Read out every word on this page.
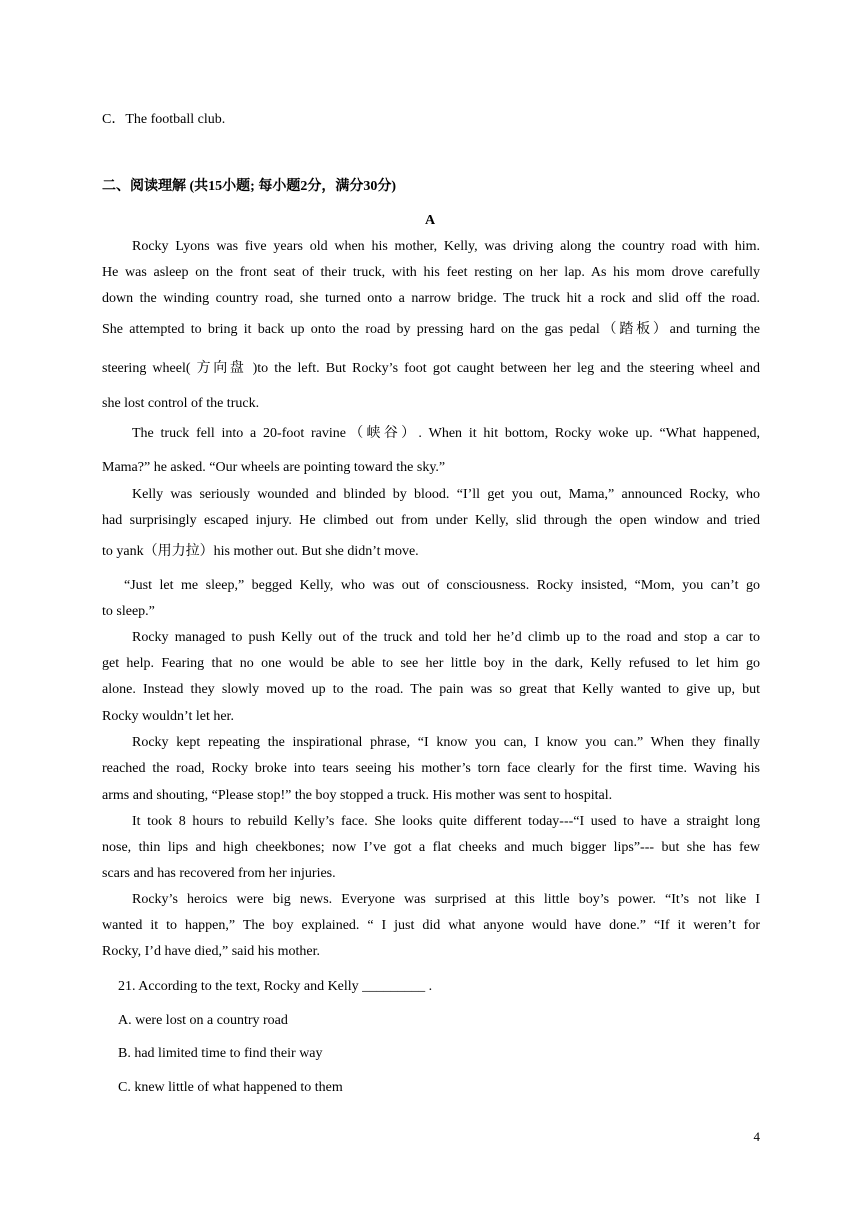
C．The football club.
二、阅读理解 (共15小题; 每小题2分，满分30分)
A
Rocky Lyons was five years old when his mother, Kelly, was driving along the country road with him.
He was asleep on the front seat of their truck, with his feet resting on her lap. As his mom drove carefully
down the winding country road, she turned onto a narrow bridge. The truck hit a rock and slid off the road.
She attempted to bring it back up onto the road by pressing hard on the gas pedal（踏板）and turning the
steering wheel( 方向盘 )to the left. But Rocky’s foot got caught between her leg and the steering wheel and
she lost control of the truck.
The truck fell into a 20-foot ravine（峡谷）. When it hit bottom, Rocky woke up. “What happened,
Mama?” he asked. “Our wheels are pointing toward the sky.”
Kelly was seriously wounded and blinded by blood. “I’ll get you out, Mama,” announced Rocky, who
had surprisingly escaped injury. He climbed out from under Kelly, slid through the open window and tried
to yank（用力拉）his mother out. But she didn’t move.
“Just let me sleep,” begged Kelly, who was out of consciousness. Rocky insisted, “Mom, you can’t go
to sleep.”
Rocky managed to push Kelly out of the truck and told her he’d climb up to the road and stop a car to
get help. Fearing that no one would be able to see her little boy in the dark, Kelly refused to let him go
alone. Instead they slowly moved up to the road. The pain was so great that Kelly wanted to give up, but
Rocky wouldn’t let her.
Rocky kept repeating the inspirational phrase, “I know you can, I know you can.” When they finally
reached the road, Rocky broke into tears seeing his mother’s torn face clearly for the first time. Waving his
arms and shouting, “Please stop!” the boy stopped a truck. His mother was sent to hospital.
It took 8 hours to rebuild Kelly’s face. She looks quite different today---“I used to have a straight long
nose, thin lips and high cheekbones; now I’ve got a flat cheeks and much bigger lips”--- but she has few
scars and has recovered from her injuries.
Rocky’s heroics were big news. Everyone was surprised at this little boy’s power. “It’s not like I
wanted it to happen,” The boy explained. “ I just did what anyone would have done.” “If it weren’t for
Rocky, I’d have died,” said his mother.
21. According to the text, Rocky and Kelly _________ .
A. were lost on a country road
B. had limited time to find their way
C. knew little of what happened to them
4
